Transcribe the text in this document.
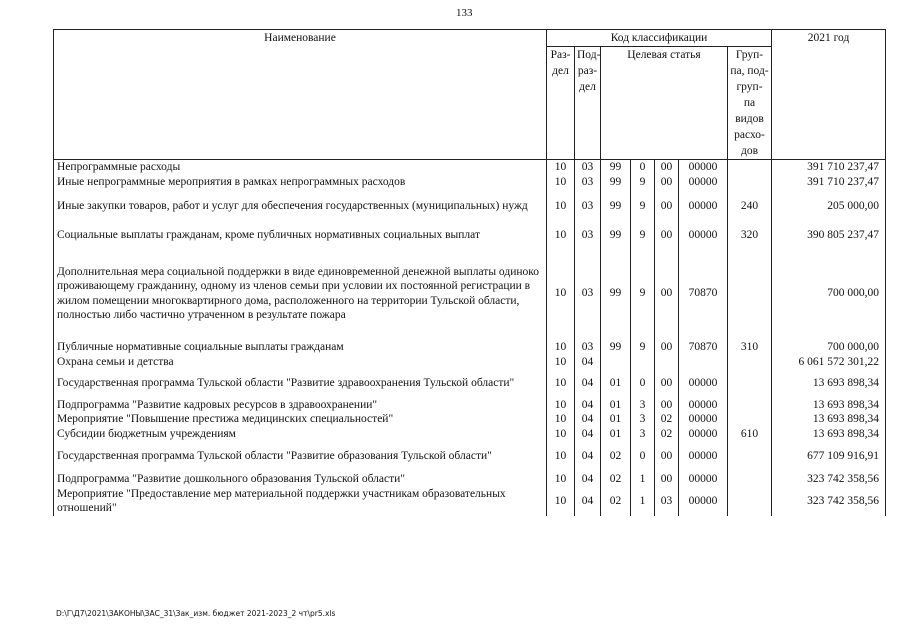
133
Наименование	Код классификации							2021 год
	Раз- дел	Под- раз- дел	Целевая статья				Груп- па, под- груп- па видов расхо- дов	
Непрограммные расходы	10	03	99	0	00	00000		391 710 237,47
Иные непрограммные мероприятия в рамках непрограммных расходов	10	03	99	9	00	00000		391 710 237,47
Иные закупки товаров, работ и услуг для обеспечения государственных (муниципальных) нужд	10	03	99	9	00	00000	240	205 000,00
Социальные выплаты гражданам, кроме публичных нормативных социальных выплат	10	03	99	9	00	00000	320	390 805 237,47
Дополнительная мера социальной поддержки в виде единовременной денежной выплаты одиноко проживающему гражданину, одному из членов семьи при условии их постоянной регистрации в жилом помещении многоквартирного дома, расположенного на территории Тульской области, полностью либо частично утраченном в результате пожара	10	03	99	9	00	70870		700 000,00
Публичные нормативные социальные выплаты гражданам	10	03	99	9	00	70870	310	700 000,00
Охрана семьи и детства	10	04						6 061 572 301,22
Государственная программа Тульской области "Развитие здравоохранения Тульской области"	10	04	01	0	00	00000		13 693 898,34
Подпрограмма "Развитие кадровых ресурсов в здравоохранении"	10	04	01	3	00	00000		13 693 898,34
Мероприятие "Повышение престижа медицинских специальностей"	10	04	01	3	02	00000		13 693 898,34
Субсидии бюджетным учреждениям	10	04	01	3	02	00000	610	13 693 898,34
Государственная программа Тульской области "Развитие образования Тульской области"	10	04	02	0	00	00000		677 109 916,91
Подпрограмма "Развитие дошкольного образования Тульской области"	10	04	02	1	00	00000		323 742 358,56
Мероприятие "Предоставление мер материальной поддержки участникам образовательных отношений"	10	04	02	1	03	00000		323 742 358,56
D:\Г\Д7\2021\ЗАКОНЫ\ЗАС_31\Зак_изм. бюджет 2021-2023_2 чт\pr5.xls
